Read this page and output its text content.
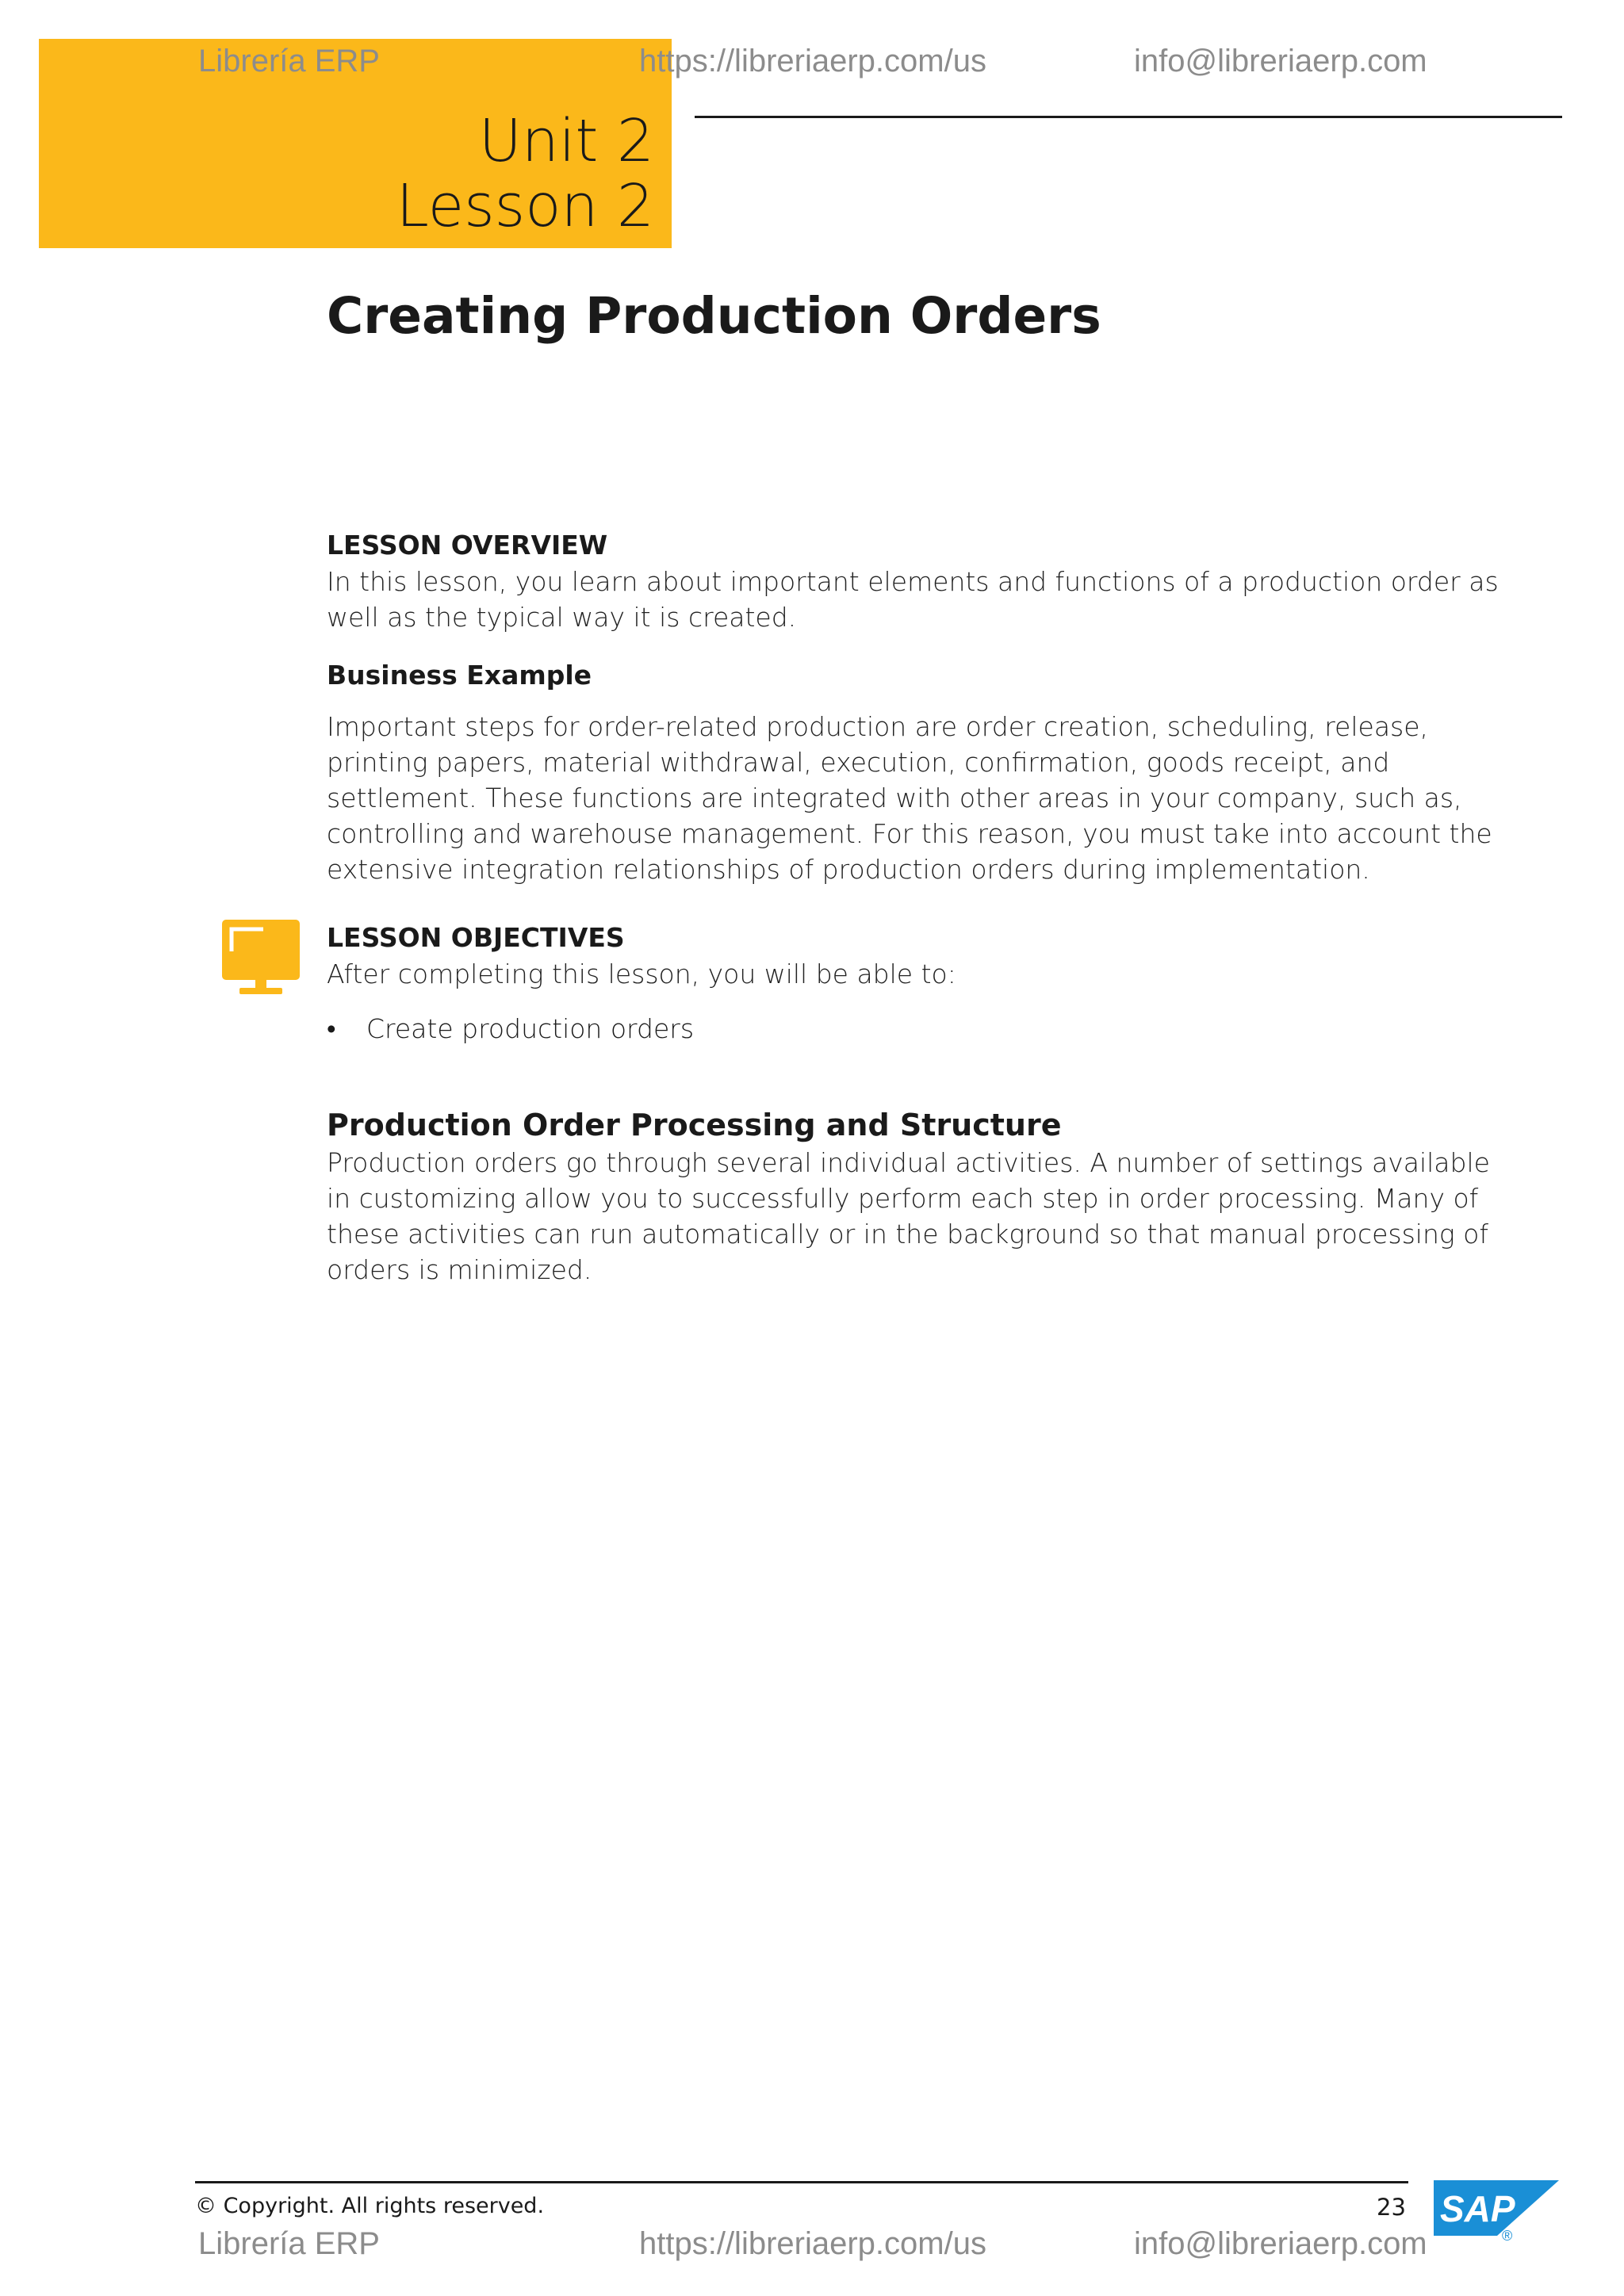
Unit 2
Lesson 2
Librería ERP	https://libreriaerp.com/us	info@libreriaerp.com
Creating Production Orders

LESSON OVERVIEW

In this lesson, you learn about important elements and functions of a production order as well as the typical way it is created.

Business Example

Important steps for order-related production are order creation, scheduling, release, printing papers, material withdrawal, execution, confirmation, goods receipt, and settlement. These functions are integrated with other areas in your company, such as, controlling and warehouse management. For this reason, you must take into account the extensive integration relationships of production orders during implementation.

LESSON OBJECTIVES

After completing this lesson, you will be able to:

• Create production orders

Production Order Processing and Structure

Production orders go through several individual activities. A number of settings available in customizing allow you to successfully perform each step in order processing. Many of these activities can run automatically or in the background so that manual processing of orders is minimized.

© Copyright. All rights reserved.	23 SAP
®
Librería ERP	https://libreriaerp.com/us	info@libreriaerp.com
